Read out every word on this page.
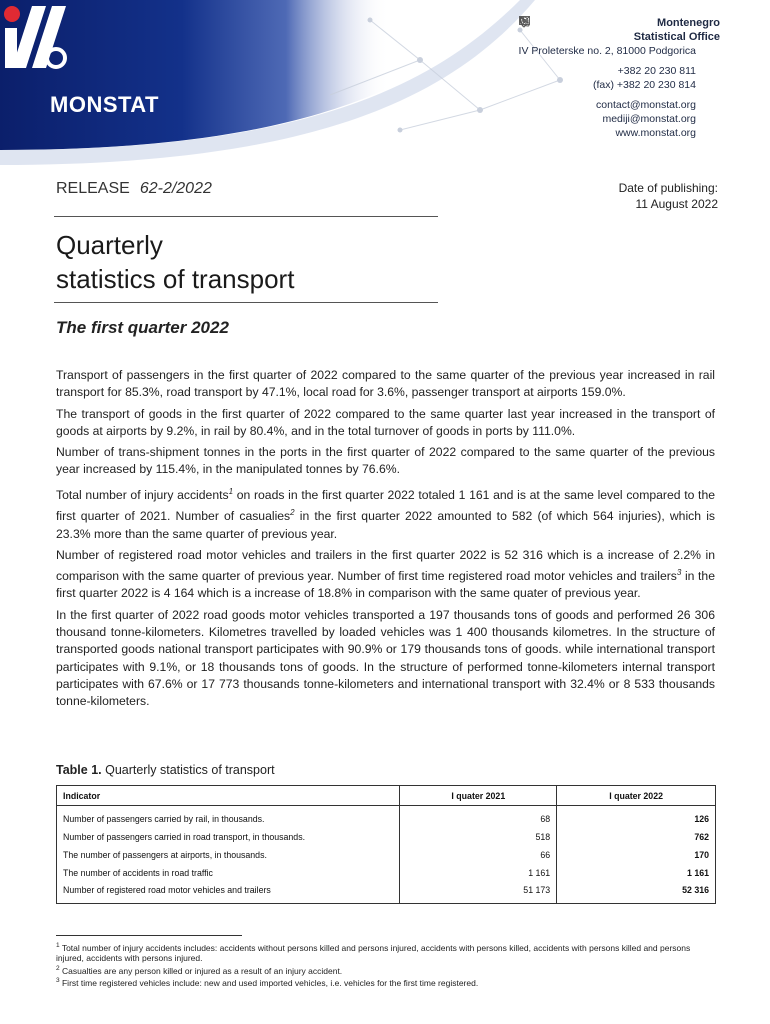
MONSTAT
Montenegro
Statistical Office
IV Proleterske no. 2, 81000 Podgorica
+382 20 230 811
(fax) +382 20 230 814
contact@monstat.org
mediji@monstat.org
www.monstat.org
RELEASE 62-2/2022	Date of publishing:
11 August 2022
Quarterly
statistics of transport
The first quarter 2022

Transport of passengers in the first quarter of 2022 compared to the same quarter of the previous year increased in rail transport for 85.3%, road transport by 47.1%, local road for 3.6%, passenger transport at airports 159.0%.

The transport of goods in the first quarter of 2022 compared to the same quarter last year increased in the transport of goods at airports by 9.2%, in rail by 80.4%, and in the total turnover of goods in ports by 111.0%.

Number of trans-shipment tonnes in the ports in the first quarter of 2022 compared to the same quarter of the previous year increased by 115.4%, in the manipulated tonnes by 76.6%.

Total number of injury accidents$^1$ on roads in the first quarter 2022 totaled 1 161 and is at the same level compared to the first quarter of 2021. Number of casualies$^2$ in the first quarter 2022 amounted to 582 (of which 564 injuries), which is 23.3% more than the same quarter of previous year.

Number of registered road motor vehicles and trailers in the first quarter 2022 is 52 316 which is a increase of 2.2% in comparison with the same quarter of previous year. Number of first time registered road motor vehicles and trailers$^3$ in the first quarter 2022 is 4 164 which is a increase of 18.8% in comparison with the same quater of previous year.

In the first quarter of 2022 road goods motor vehicles transported a 197 thousands tons of goods and performed 26 306 thousand tonne-kilometers. Kilometres travelled by loaded vehicles was 1 400 thousands kilometres. In the structure of transported goods national transport participates with 90.9% or 179 thousands tons of goods. while international transport participates with 9.1%, or 18 thousands tons of goods. In the structure of performed tonne-kilometers internal transport participates with 67.6% or 17 773 thousands tonne-kilometers and international transport with 32.4% or 8 533 thousands tonne-kilometers.

Table 1. Quarterly statistics of transport
Indicator	I quater 2021	I quater 2022
Number of passengers carried by rail, in thousands.	68	126
Number of passengers carried in road transport, in thousands.	518	762
The number of passengers at airports, in thousands.	66	170
The number of accidents in road traffic	1 161	1 161
Number of registered road motor vehicles and trailers	51 173	52 316

$^1$ Total number of injury accidents includes: accidents without persons killed and persons injured, accidents with persons killed, accidents with persons killed and persons injured, accidents with persons injured.

$^2$ Casualties are any person killed or injured as a result of an injury accident.

$^3$ First time registered vehicles include: new and used imported vehicles, i.e. vehicles for the first time registered.
